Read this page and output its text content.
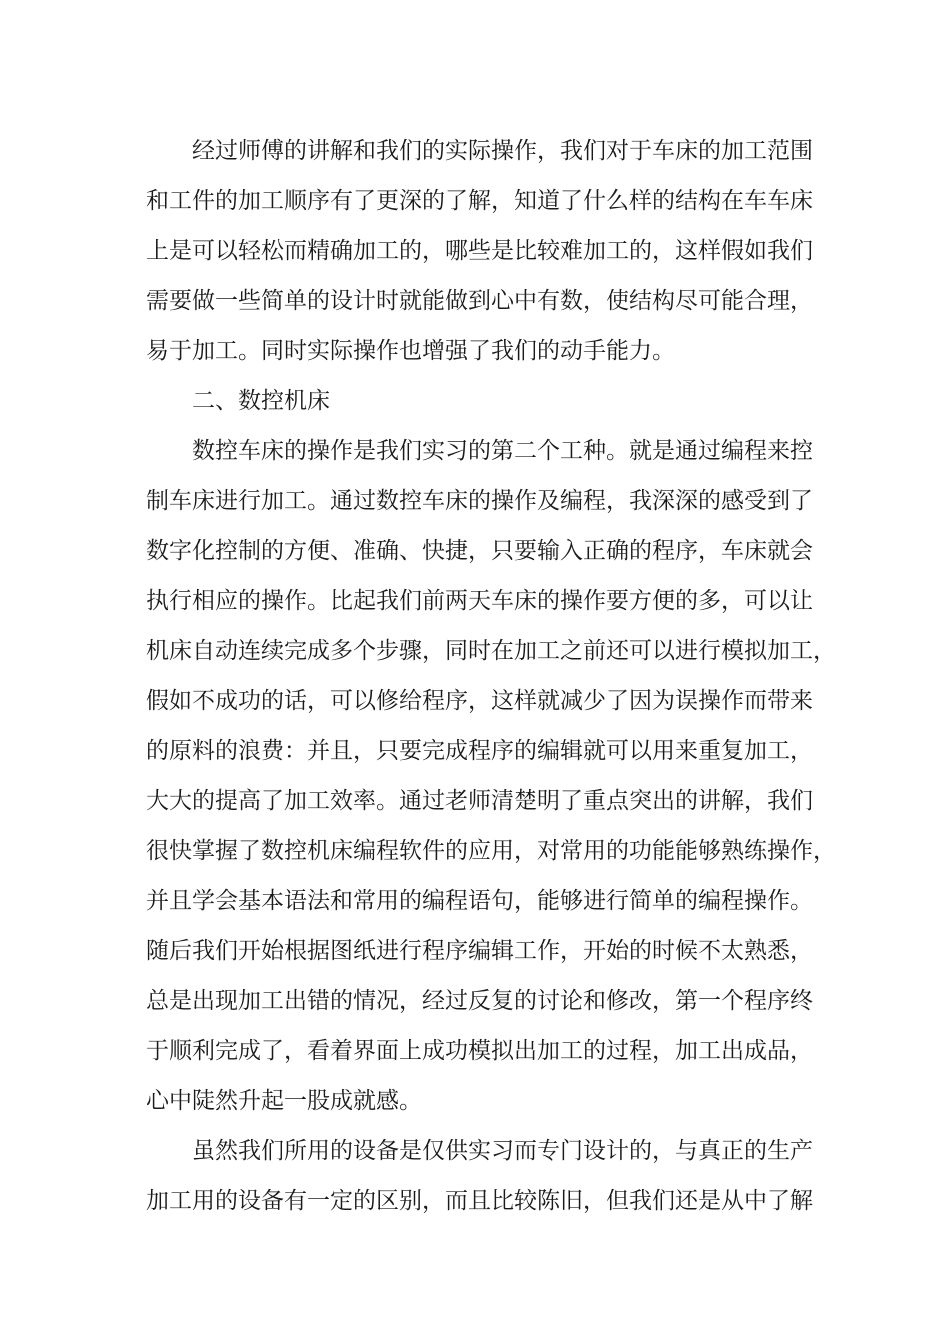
经过师傅的讲解和我们的实际操作，我们对于车床的加工范围
和工件的加工顺序有了更深的了解，知道了什么样的结构在车车床
上是可以轻松而精确加工的，哪些是比较难加工的，这样假如我们
需要做一些简单的设计时就能做到心中有数，使结构尽可能合理，
易于加工。同时实际操作也增强了我们的动手能力。
二、数控机床
数控车床的操作是我们实习的第二个工种。就是通过编程来控
制车床进行加工。通过数控车床的操作及编程，我深深的感受到了
数字化控制的方便、准确、快捷，只要输入正确的程序，车床就会
执行相应的操作。比起我们前两天车床的操作要方便的多，可以让
机床自动连续完成多个步骤，同时在加工之前还可以进行模拟加工，
假如不成功的话，可以修给程序，这样就减少了因为误操作而带来
的原料的浪费：并且，只要完成程序的编辑就可以用来重复加工，
大大的提高了加工效率。通过老师清楚明了重点突出的讲解，我们
很快掌握了数控机床编程软件的应用，对常用的功能能够熟练操作，
并且学会基本语法和常用的编程语句，能够进行简单的编程操作。
随后我们开始根据图纸进行程序编辑工作，开始的时候不太熟悉，
总是出现加工出错的情况，经过反复的讨论和修改，第一个程序终
于顺利完成了，看着界面上成功模拟出加工的过程，加工出成品，
心中陡然升起一股成就感。
虽然我们所用的设备是仅供实习而专门设计的，与真正的生产
加工用的设备有一定的区别，而且比较陈旧，但我们还是从中了解
